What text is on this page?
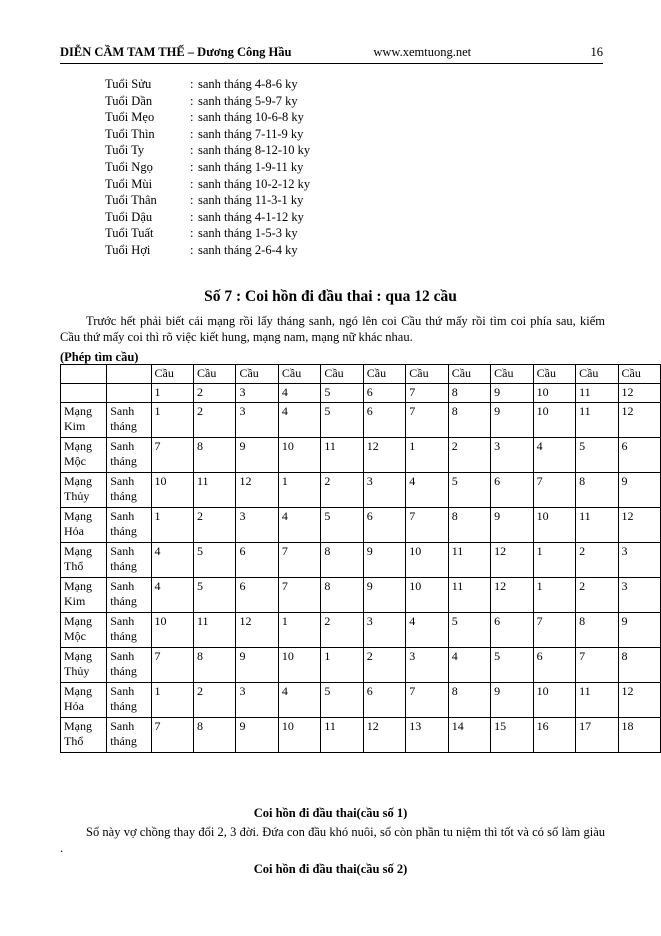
DIỄN CẦM TAM THẾ – Dương Công Hầu	www.xemtuong.net	16
Tuổi Sửu	: sanh tháng 4-8-6 ky
Tuổi Dần	: sanh tháng 5-9-7 ky
Tuổi Mẹo	: sanh tháng 10-6-8 ky
Tuổi Thìn	: sanh tháng 7-11-9 ky
Tuổi Ty	: sanh tháng 8-12-10 ky
Tuổi Ngọ	: sanh tháng 1-9-11 ky
Tuổi Mùi	: sanh tháng 10-2-12 ky
Tuổi Thân	: sanh tháng 11-3-1 ky
Tuổi Dậu	: sanh tháng 4-1-12 ky
Tuổi Tuất	: sanh tháng 1-5-3 ky
Tuổi Hợi	: sanh tháng 2-6-4 ky
Số 7 : Coi hồn đi đầu thai : qua 12 cầu
Trước hết phải biết cái mạng rồi lấy tháng sanh, ngó lên coi Cầu thứ mấy rồi tìm coi phía sau, kiếm Cầu thứ mấy coi thì rõ việc kiết hung, mạng nam, mạng nữ khác nhau.
(Phép tìm cầu)
		Cầu	Cầu	Cầu	Cầu	Cầu	Cầu	Cầu	Cầu	Cầu	Cầu	Cầu	Cầu
		1	2	3	4	5	6	7	8	9	10	11	12
Mạng Kim	Sanh tháng	1	2	3	4	5	6	7	8	9	10	11	12
Mạng Mộc	Sanh tháng	7	8	9	10	11	12	1	2	3	4	5	6
Mạng Thủy	Sanh tháng	10	11	12	1	2	3	4	5	6	7	8	9
Mạng Hỏa	Sanh tháng	1	2	3	4	5	6	7	8	9	10	11	12
Mạng Thổ	Sanh tháng	4	5	6	7	8	9	10	11	12	1	2	3
Mạng Kim	Sanh tháng	4	5	6	7	8	9	10	11	12	1	2	3
Mạng Mộc	Sanh tháng	10	11	12	1	2	3	4	5	6	7	8	9
Mạng Thủy	Sanh tháng	7	8	9	10	1	2	3	4	5	6	7	8
Mạng Hỏa	Sanh tháng	1	2	3	4	5	6	7	8	9	10	11	12
Mạng Thổ	Sanh tháng	7	8	9	10	11	12	13	14	15	16	17	18
Coi hồn đi đầu thai(cầu số 1)
Số này vợ chồng thay đổi 2, 3 đời. Đứa con đầu khó nuôi, số còn phần tu niệm thì tốt và có số làm giàu .
Coi hồn đi đầu thai(cầu số 2)
